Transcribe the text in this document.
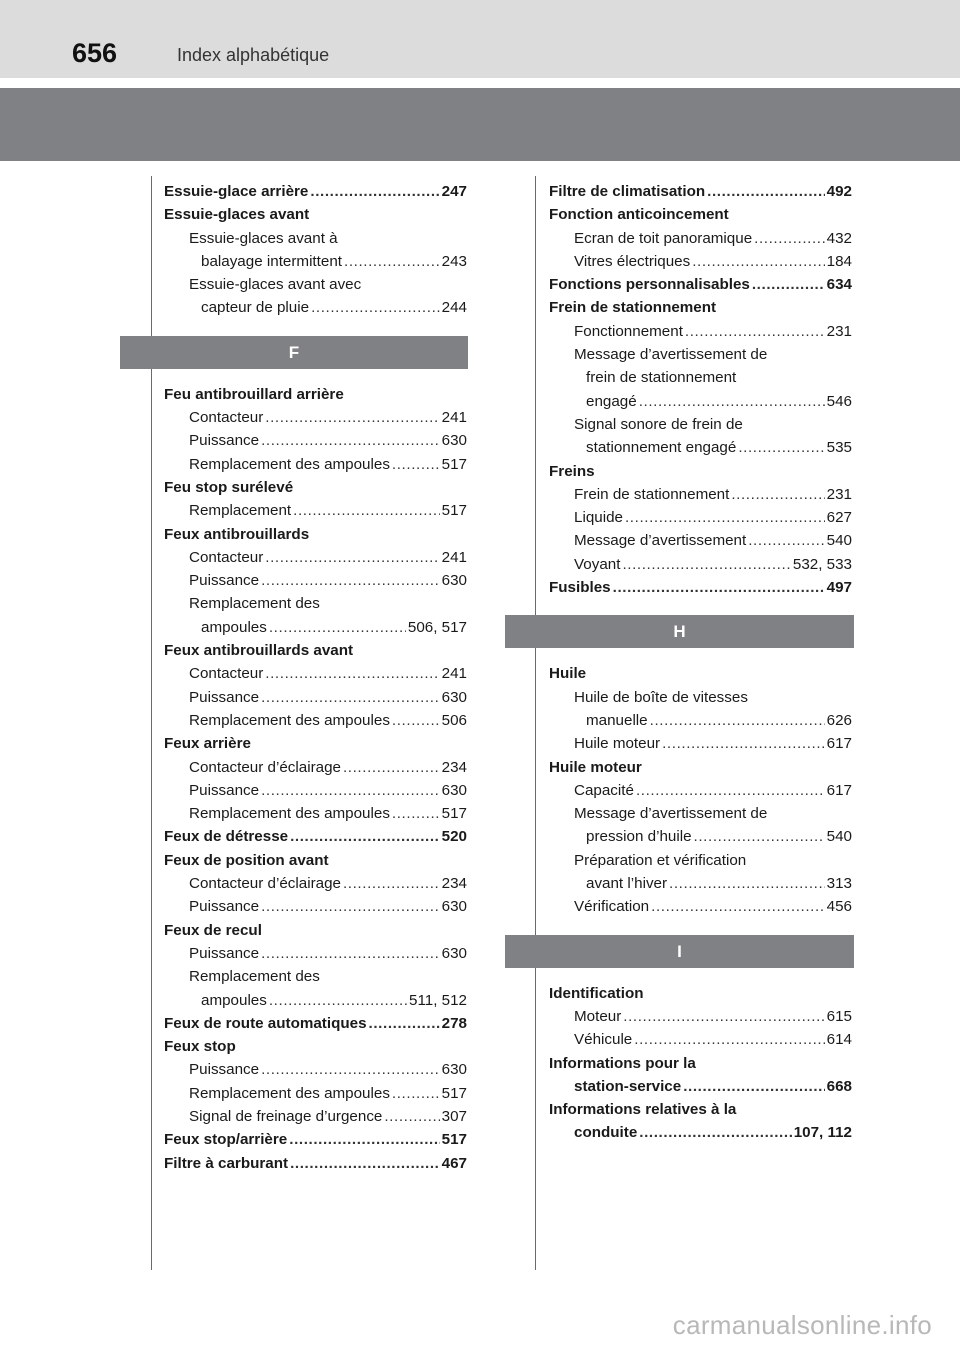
656	Index alphabétique
Essuie-glace arrière .....	247
Essuie-glaces avant
Essuie-glaces avant à
balayage intermittent .....	243
Essuie-glaces avant avec
capteur de pluie .....	244
F
Feu antibrouillard arrière
Contacteur .....	241
Puissance .....	630
Remplacement des ampoules .....	517
Feu stop surélevé
Remplacement .....	517
Feux antibrouillards
Contacteur .....	241
Puissance .....	630
Remplacement des
ampoules .....	506, 517
Feux antibrouillards avant
Contacteur .....	241
Puissance .....	630
Remplacement des ampoules .....	506
Feux arrière
Contacteur d’éclairage .....	234
Puissance .....	630
Remplacement des ampoules .....	517
Feux de détresse .....	520
Feux de position avant
Contacteur d’éclairage .....	234
Puissance .....	630
Feux de recul
Puissance .....	630
Remplacement des
ampoules .....	511, 512
Feux de route automatiques .....	278
Feux stop
Puissance .....	630
Remplacement des ampoules .....	517
Signal de freinage d’urgence .....	307
Feux stop/arrière .....	517
Filtre à carburant .....	467
Filtre de climatisation .....	492
Fonction anticoincement
Ecran de toit panoramique .....	432
Vitres électriques .....	184
Fonctions personnalisables .....	634
Frein de stationnement
Fonctionnement .....	231
Message d’avertissement de
frein de stationnement
engagé .....	546
Signal sonore de frein de
stationnement engagé .....	535
Freins
Frein de stationnement .....	231
Liquide .....	627
Message d’avertissement .....	540
Voyant .....	532, 533
Fusibles .....	497
H
Huile
Huile de boîte de vitesses
manuelle .....	626
Huile moteur .....	617
Huile moteur
Capacité .....	617
Message d’avertissement de
pression d’huile .....	540
Préparation et vérification
avant l’hiver .....	313
Vérification .....	456
I
Identification
Moteur .....	615
Véhicule .....	614
Informations pour la
station-service .....	668
Informations relatives à la
conduite .....	107, 112
carmanualsonline.info
